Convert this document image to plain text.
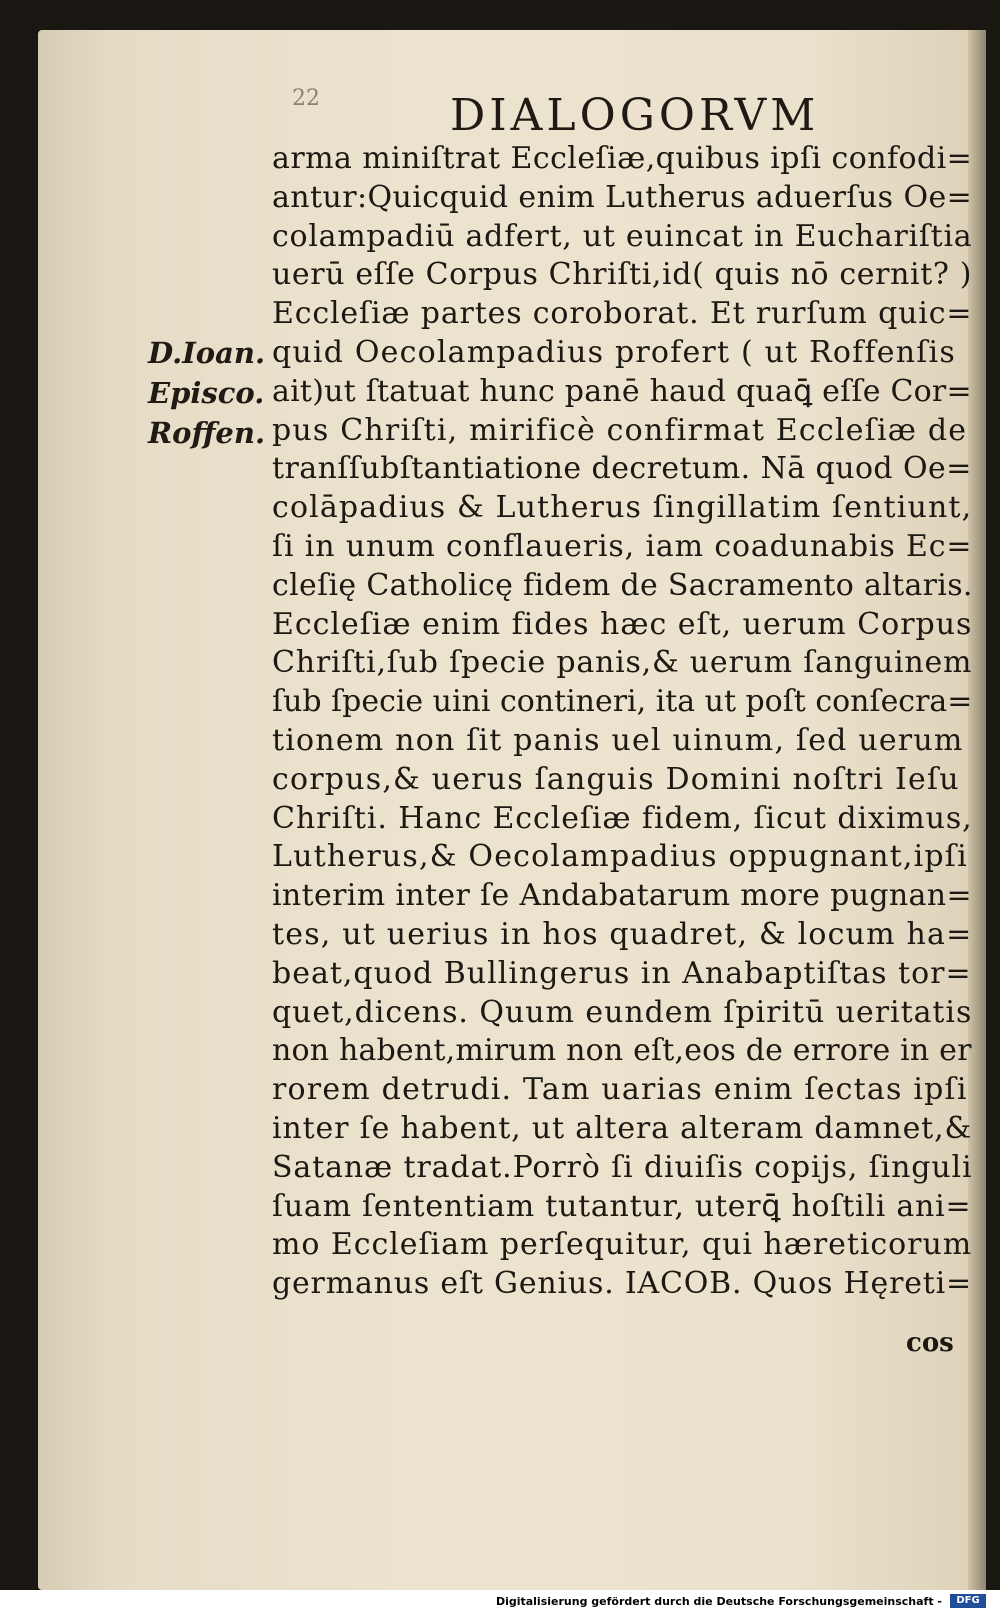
22	DIALOGORVM
D.Ioan.
Episco.
Roffen.
arma miniſtrat Eccleſiæ,quibus ipſi confodi=
antur:Quicquid enim Lutherus aduerſus Oe=
colampadiū adfert, ut euincat in Euchariſtia
uerū eſſe Corpus Chriſti,id( quis nō cernit? )
Eccleſiæ partes coroborat. Et rurſum quic=
quid Oecolampadius profert ( ut Roffenſis
ait)ut ſtatuat hunc panē haud quaꝗ̄ eſſe Cor=
pus Chriſti, mirificè confirmat Eccleſiæ de
tranſſubſtantiatione decretum. Nā quod Oe=
colāpadius & Lutherus ſingillatim ſentiunt,
ſi in unum conflaueris, iam coadunabis Ec=
cleſię Catholicę fidem de Sacramento altaris.
Eccleſiæ enim fides hæc eſt, uerum Corpus
Chriſti,ſub ſpecie panis,& uerum ſanguinem
ſub ſpecie uini contineri, ita ut poſt conſecra=
tionem non ſit panis uel uinum, ſed uerum
corpus,& uerus ſanguis Domini noſtri Ieſu
Chriſti. Hanc Eccleſiæ fidem, ſicut diximus,
Lutherus,& Oecolampadius oppugnant,ipſi
interim inter ſe Andabatarum more pugnan=
tes, ut uerius in hos quadret, & locum ha=
beat,quod Bullingerus in Anabaptiſtas tor=
quet,dicens. Quum eundem ſpiritū ueritatis
non habent,mirum non eſt,eos de errore in er
rorem detrudi. Tam uarias enim ſectas ipſi
inter ſe habent, ut altera alteram damnet,&
Satanæ tradat.Porrò ſi diuiſis copijs, ſinguli
ſuam ſententiam tutantur, uterꝗ̄ hoſtili ani=
mo Eccleſiam perſequitur, qui hæreticorum
germanus eſt Genius. IACOB. Quos Hęreti=
cos
Digitalisierung gefördert durch die Deutsche Forschungsgemeinschaft -	DFG
